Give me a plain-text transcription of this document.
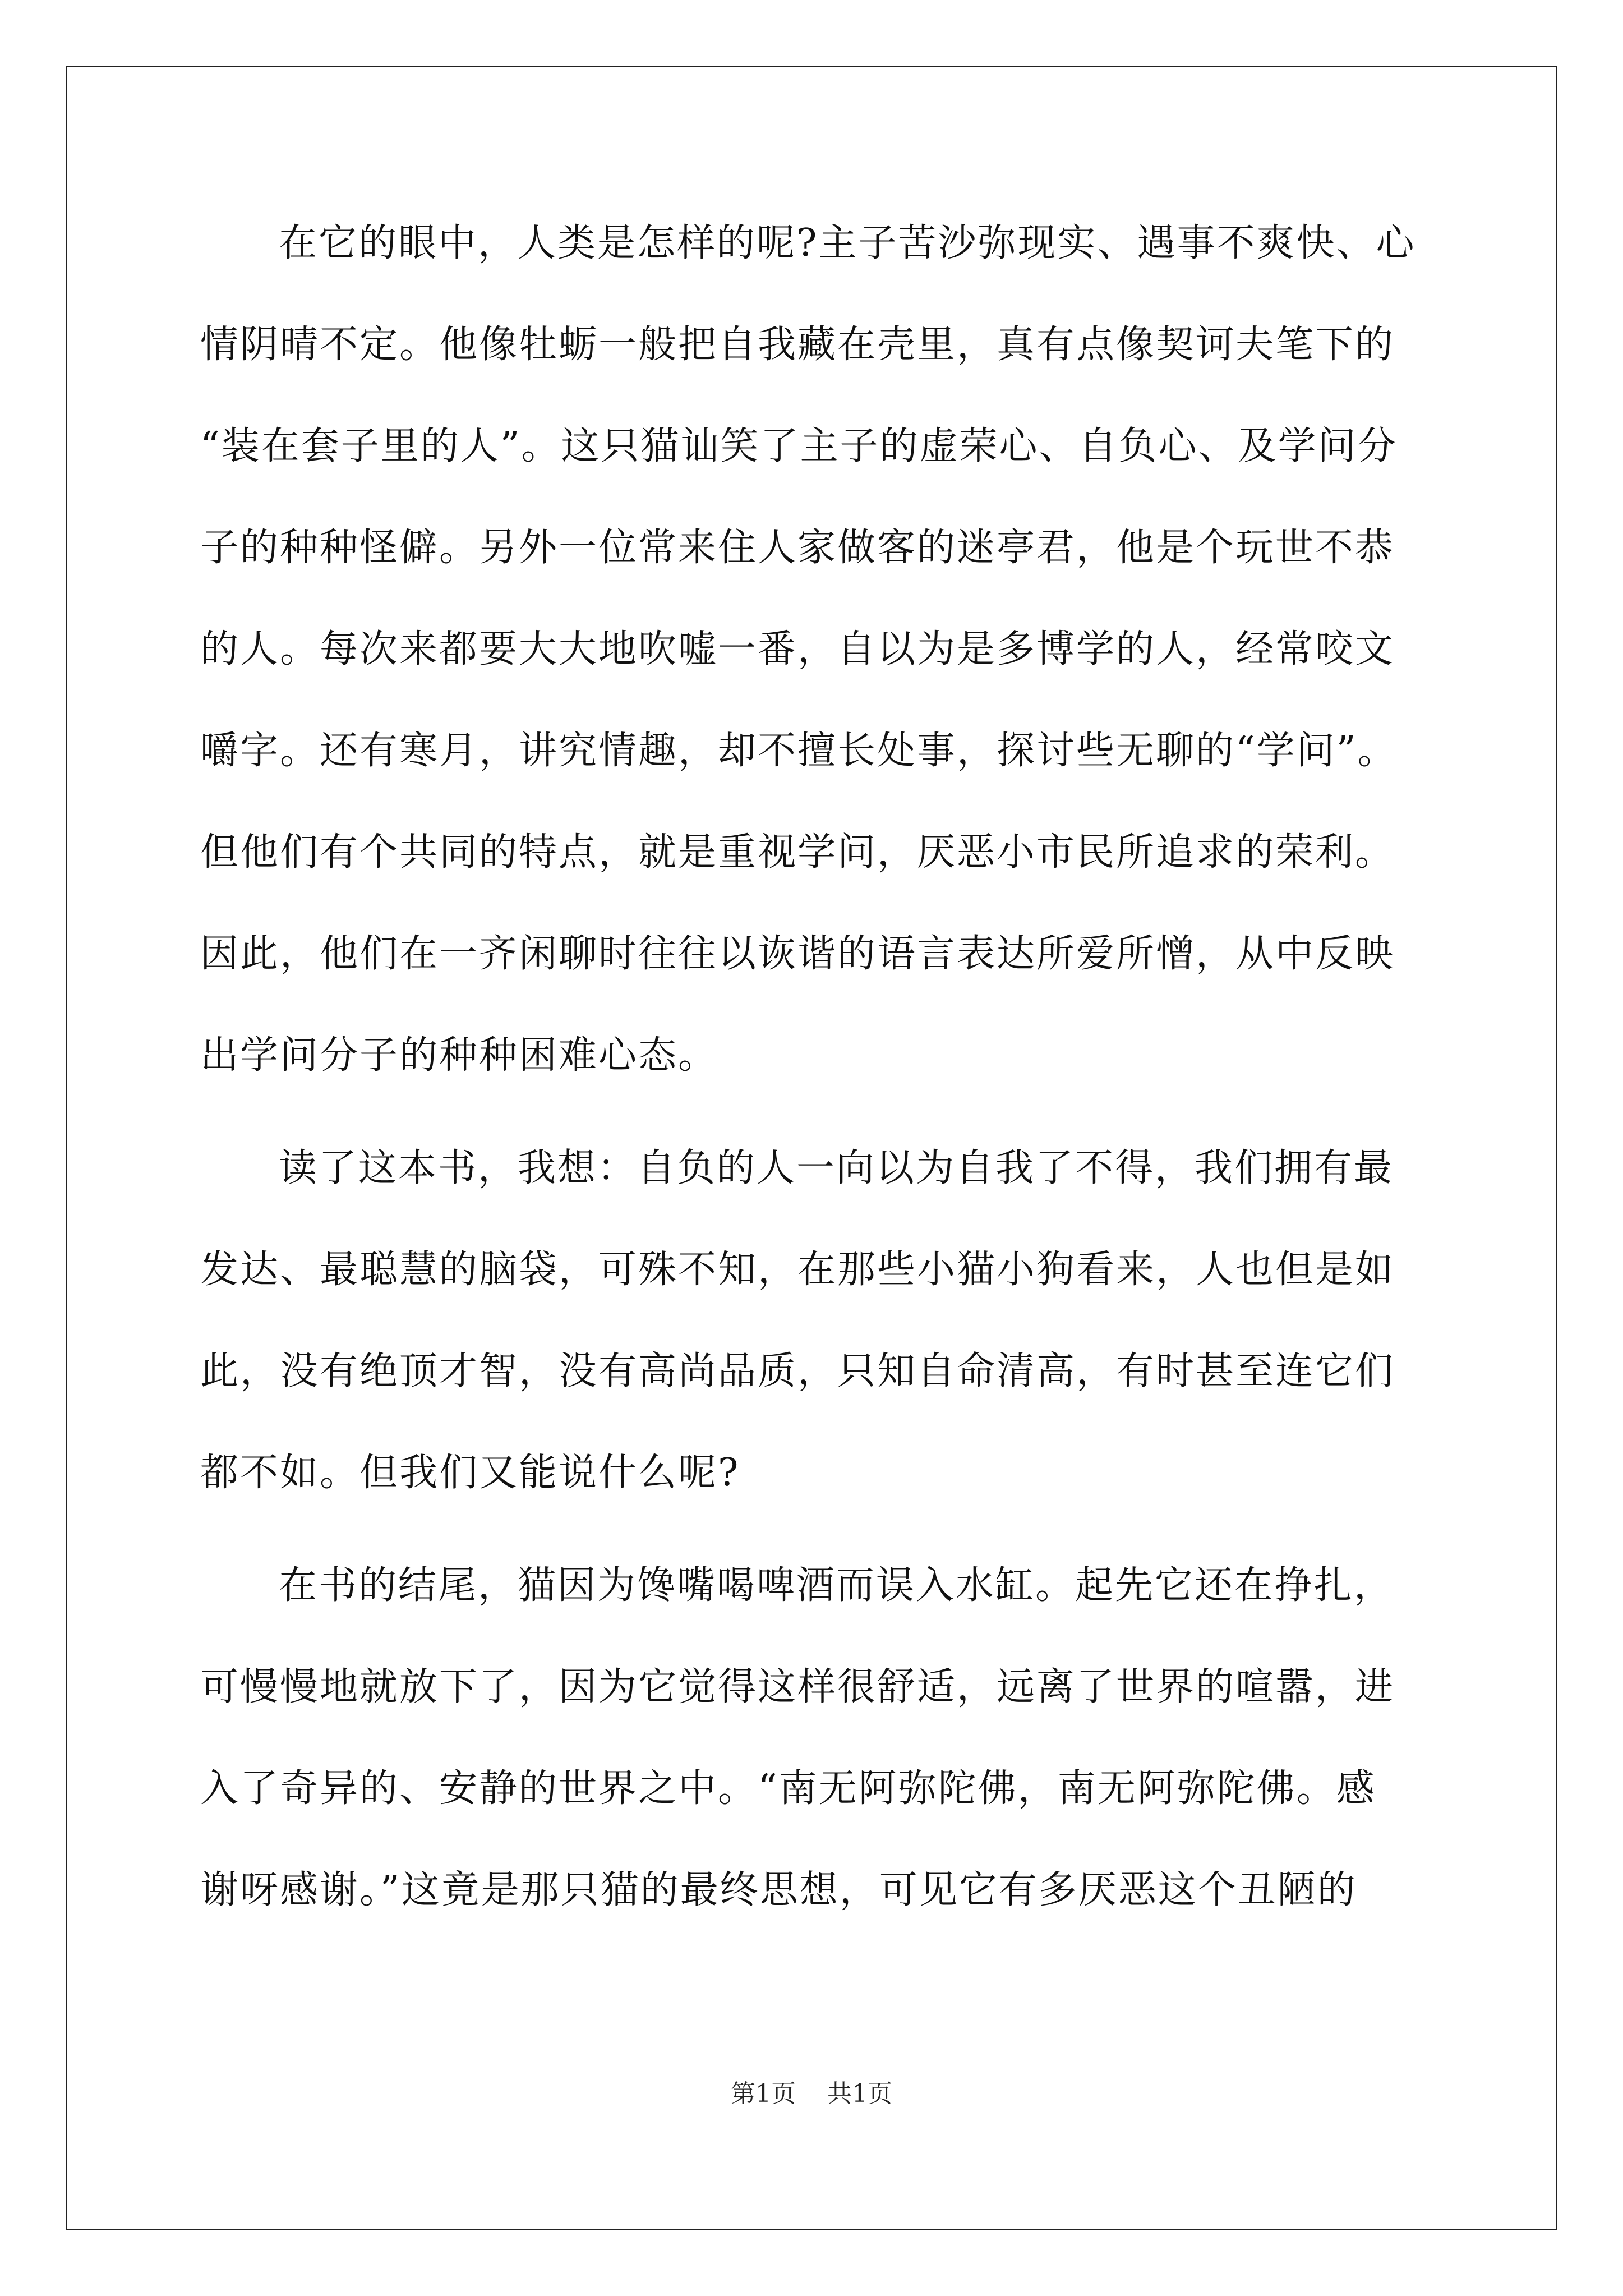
在它的眼中，人类是怎样的呢?主子苦沙弥现实、遇事不爽快、心
情阴晴不定。他像牡蛎一般把自我藏在壳里，真有点像契诃夫笔下的
“装在套子里的人”。这只猫讪笑了主子的虚荣心、自负心、及学问分
子的种种怪僻。另外一位常来住人家做客的迷亭君，他是个玩世不恭
的人。每次来都要大大地吹嘘一番，自以为是多博学的人，经常咬文
嚼字。还有寒月，讲究情趣，却不擅长处事，探讨些无聊的“学问”。
但他们有个共同的特点，就是重视学问，厌恶小市民所追求的荣利。
因此，他们在一齐闲聊时往往以诙谐的语言表达所爱所憎，从中反映
出学问分子的种种困难心态。
读了这本书，我想：自负的人一向以为自我了不得，我们拥有最
发达、最聪慧的脑袋，可殊不知，在那些小猫小狗看来，人也但是如
此，没有绝顶才智，没有高尚品质，只知自命清高，有时甚至连它们
都不如。但我们又能说什么呢?
在书的结尾，猫因为馋嘴喝啤酒而误入水缸。起先它还在挣扎，
可慢慢地就放下了，因为它觉得这样很舒适，远离了世界的喧嚣，进
入了奇异的、安静的世界之中。“南无阿弥陀佛，南无阿弥陀佛。感
谢呀感谢。”这竟是那只猫的最终思想，可见它有多厌恶这个丑陋的
第1页 共1页
